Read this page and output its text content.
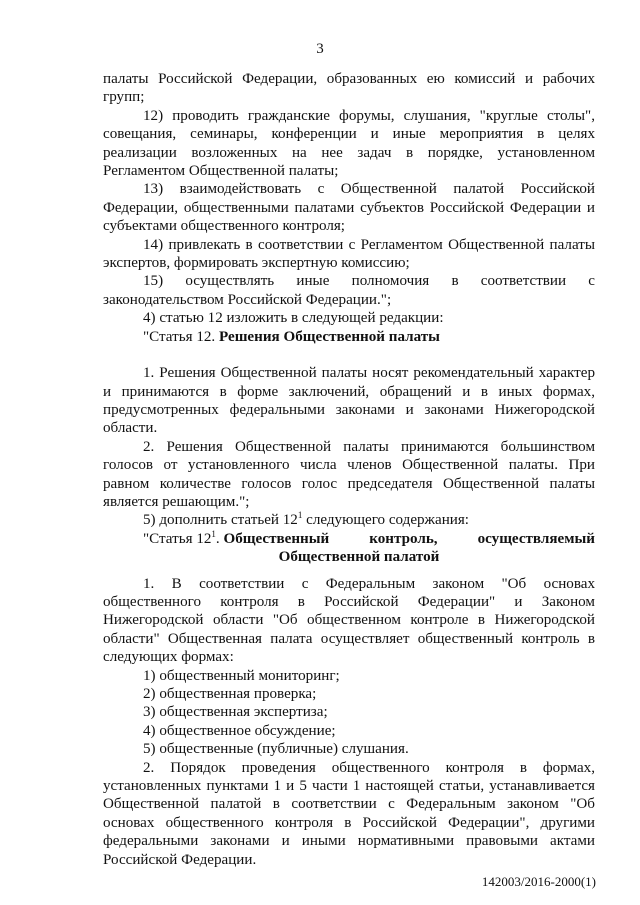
3

палаты Российской Федерации, образованных ею комиссий и рабочих групп;

12) проводить гражданские форумы, слушания, "круглые столы", совещания, семинары, конференции и иные мероприятия в целях реализации возложенных на нее задач в порядке, установленном Регламентом Общественной палаты;

13) взаимодействовать с Общественной палатой Российской Федерации, общественными палатами субъектов Российской Федерации и субъектами общественного контроля;

14) привлекать в соответствии с Регламентом Общественной палаты экспертов, формировать экспертную комиссию;

15) осуществлять иные полномочия в соответствии с законодательством Российской Федерации.";

4) статью 12 изложить в следующей редакции:

"Статья 12. Решения Общественной палаты

1. Решения Общественной палаты носят рекомендательный характер и принимаются в форме заключений, обращений и в иных формах, предусмотренных федеральными законами и законами Нижегородской области.

2. Решения Общественной палаты принимаются большинством голосов от установленного числа членов Общественной палаты. При равном количестве голосов голос председателя Общественной палаты является решающим.";

5) дополнить статьей $12^1$ следующего содержания:

"Статья $12^1$. Общественный	контроль,	осуществляемый
Общественной палатой

1. В соответствии с Федеральным законом "Об основах общественного контроля в Российской Федерации" и Законом Нижегородской области "Об общественном контроле в Нижегородской области" Общественная палата осуществляет общественный контроль в следующих формах:

1) общественный мониторинг;

2) общественная проверка;

3) общественная экспертиза;

4) общественное обсуждение;

5) общественные (публичные) слушания.

2. Порядок проведения общественного контроля в формах, установленных пунктами 1 и 5 части 1 настоящей статьи, устанавливается Общественной палатой в соответствии с Федеральным законом "Об основах общественного контроля в Российской Федерации", другими федеральными законами и иными нормативными правовыми актами Российской Федерации.

142003/2016-2000(1)
